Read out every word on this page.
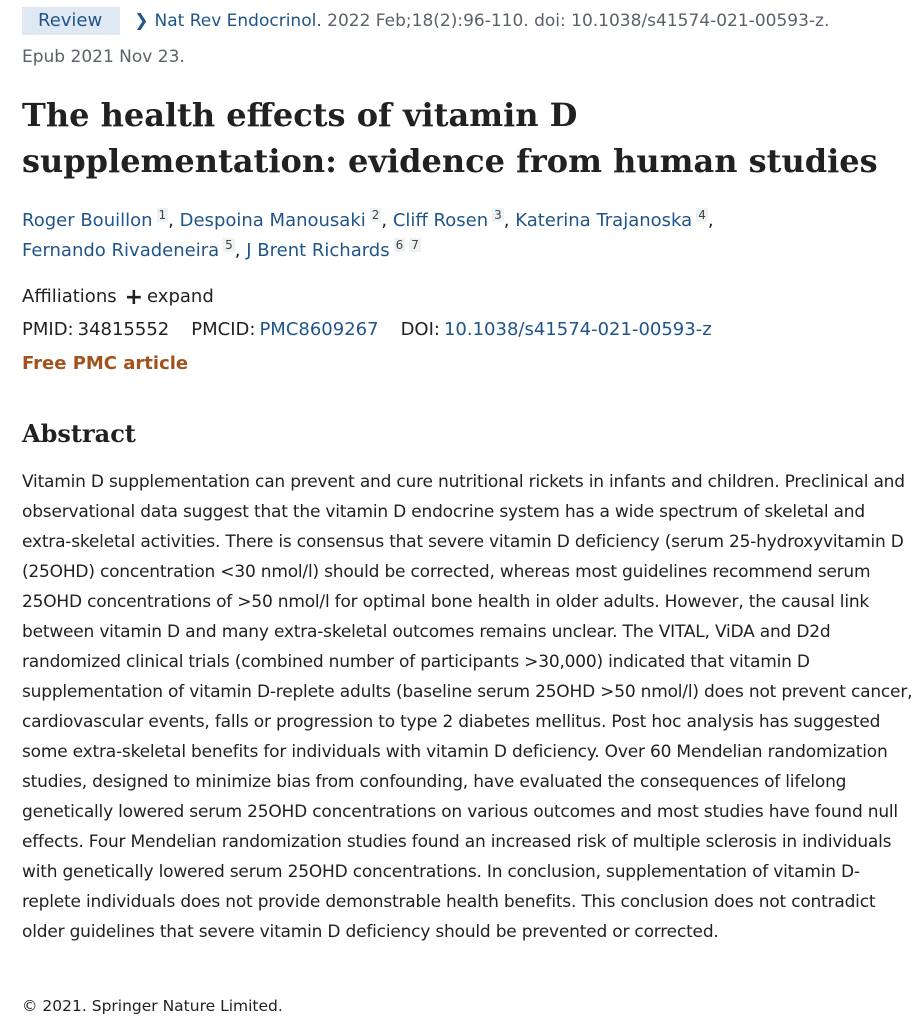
Review ❯ Nat Rev Endocrinol. 2022 Feb;18(2):96-110. doi: 10.1038/s41574-021-00593-z.
Epub 2021 Nov 23.
The health effects of vitamin D supplementation: evidence from human studies
Roger Bouillon 1 , Despoina Manousaki 2 , Cliff Rosen 3 , Katerina Trajanoska 4 ,
Fernando Rivadeneira 5 , J Brent Richards 6 7
Affiliations + expand
PMID: 34815552 PMCID: PMC8609267 DOI: 10.1038/s41574-021-00593-z
Free PMC article
Abstract

Vitamin D supplementation can prevent and cure nutritional rickets in infants and children. Preclinical and observational data suggest that the vitamin D endocrine system has a wide spectrum of skeletal and extra-skeletal activities. There is consensus that severe vitamin D deficiency (serum 25-hydroxyvitamin D (25OHD) concentration <30 nmol/l) should be corrected, whereas most guidelines recommend serum 25OHD concentrations of >50 nmol/l for optimal bone health in older adults. However, the causal link between vitamin D and many extra-skeletal outcomes remains unclear. The VITAL, ViDA and D2d randomized clinical trials (combined number of participants >30,000) indicated that vitamin D supplementation of vitamin D-replete adults (baseline serum 25OHD >50 nmol/l) does not prevent cancer, cardiovascular events, falls or progression to type 2 diabetes mellitus. Post hoc analysis has suggested some extra-skeletal benefits for individuals with vitamin D deficiency. Over 60 Mendelian randomization studies, designed to minimize bias from confounding, have evaluated the consequences of lifelong genetically lowered serum 25OHD concentrations on various outcomes and most studies have found null effects. Four Mendelian randomization studies found an increased risk of multiple sclerosis in individuals with genetically lowered serum 25OHD concentrations. In conclusion, supplementation of vitamin D-replete individuals does not provide demonstrable health benefits. This conclusion does not contradict older guidelines that severe vitamin D deficiency should be prevented or corrected.

© 2021. Springer Nature Limited.
